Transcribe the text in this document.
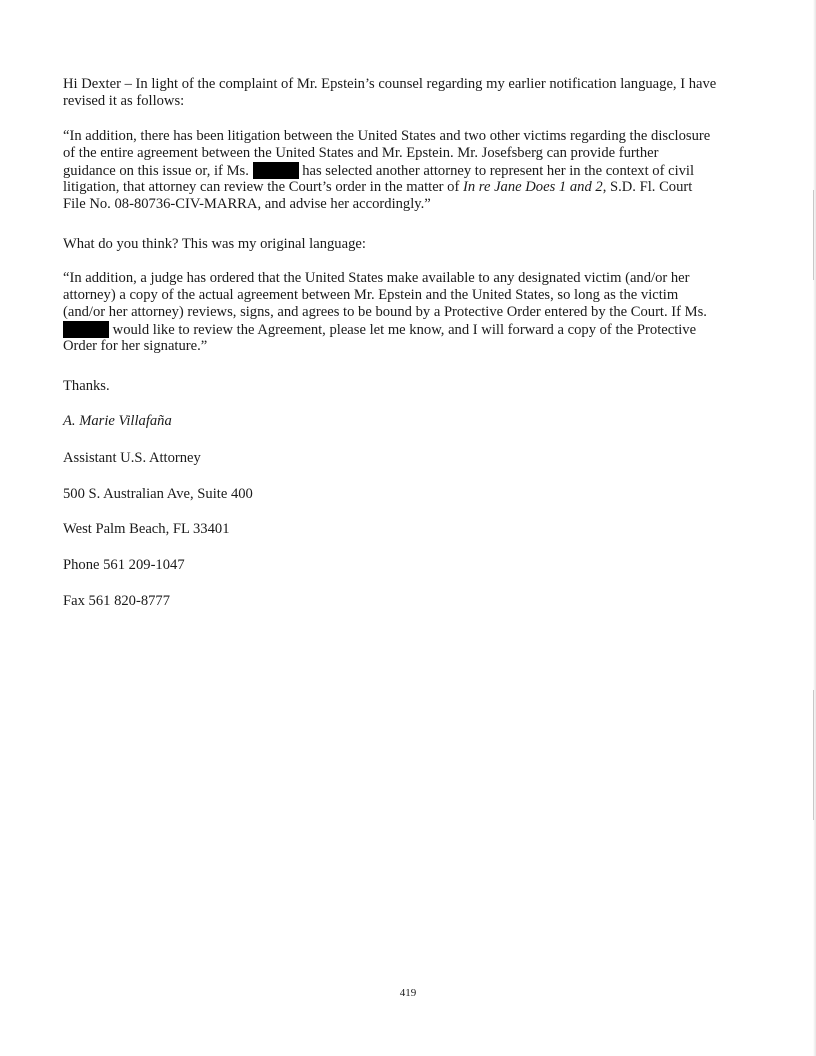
Hi Dexter – In light of the complaint of Mr. Epstein’s counsel regarding my earlier notification language, I have
revised it as follows:
“In addition, there has been litigation between the United States and two other victims regarding the disclosure
of the entire agreement between the United States and Mr. Epstein. Mr. Josefsberg can provide further
guidance on this issue or, if Ms.	has selected another attorney to represent her in the context of civil
litigation, that attorney can review the Court’s order in the matter of In re Jane Does 1 and 2, S.D. Fl. Court
File No. 08-80736-CIV-MARRA, and advise her accordingly.”
What do you think? This was my original language:
“In addition, a judge has ordered that the United States make available to any designated victim (and/or her
attorney) a copy of the actual agreement between Mr. Epstein and the United States, so long as the victim
(and/or her attorney) reviews, signs, and agrees to be bound by a Protective Order entered by the Court. If Ms.
would like to review the Agreement, please let me know, and I will forward a copy of the Protective
Order for her signature.”
Thanks.
A. Marie Villafaña
Assistant U.S. Attorney
500 S. Australian Ave, Suite 400
West Palm Beach, FL 33401
Phone 561 209-1047
Fax 561 820-8777
419
